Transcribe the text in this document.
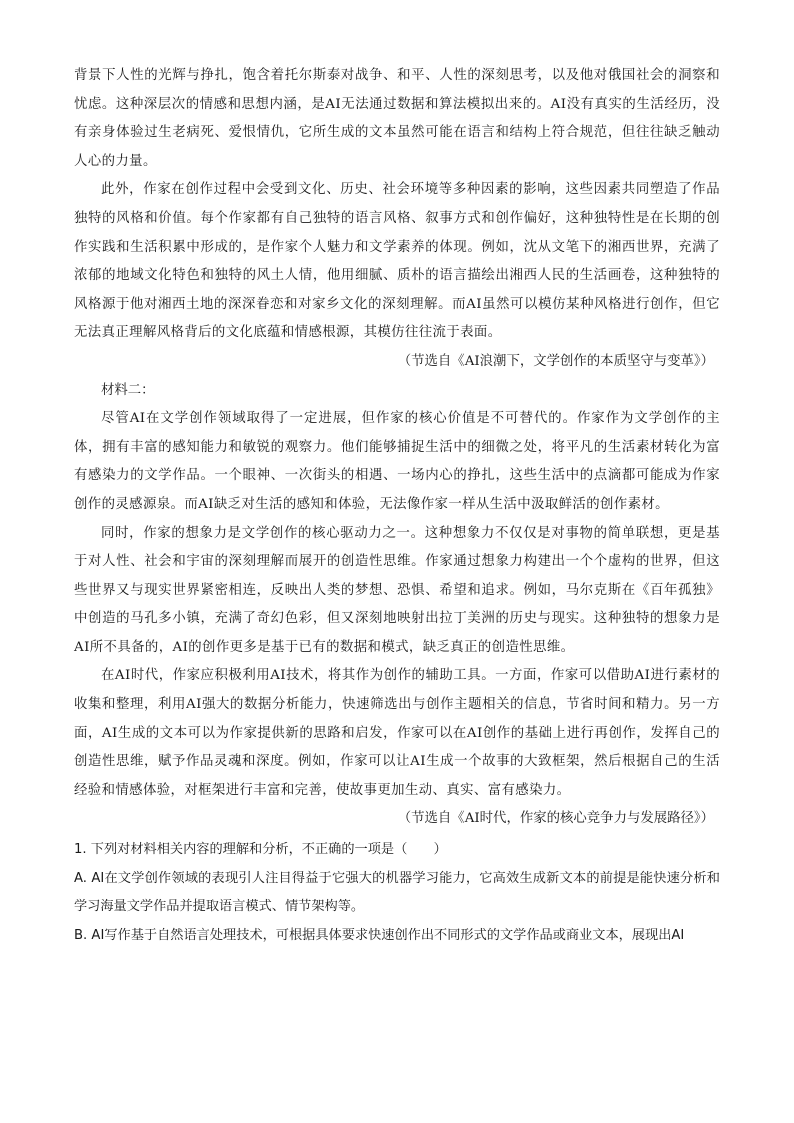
背景下人性的光辉与挣扎，饱含着托尔斯泰对战争、和平、人性的深刻思考，以及他对俄国社会的洞察和忧虑。这种深层次的情感和思想内涵，是AI无法通过数据和算法模拟出来的。AI没有真实的生活经历，没有亲身体验过生老病死、爱恨情仇，它所生成的文本虽然可能在语言和结构上符合规范，但往往缺乏触动人心的力量。

此外，作家在创作过程中会受到文化、历史、社会环境等多种因素的影响，这些因素共同塑造了作品独特的风格和价值。每个作家都有自己独特的语言风格、叙事方式和创作偏好，这种独特性是在长期的创作实践和生活积累中形成的，是作家个人魅力和文学素养的体现。例如，沈从文笔下的湘西世界，充满了浓郁的地域文化特色和独特的风土人情，他用细腻、质朴的语言描绘出湘西人民的生活画卷，这种独特的风格源于他对湘西土地的深深眷恋和对家乡文化的深刻理解。而AI虽然可以模仿某种风格进行创作，但它无法真正理解风格背后的文化底蕴和情感根源，其模仿往往流于表面。

（节选自《AI浪潮下，文学创作的本质坚守与变革》）

材料二：

尽管AI在文学创作领域取得了一定进展，但作家的核心价值是不可替代的。作家作为文学创作的主体，拥有丰富的感知能力和敏锐的观察力。他们能够捕捉生活中的细微之处，将平凡的生活素材转化为富有感染力的文学作品。一个眼神、一次街头的相遇、一场内心的挣扎，这些生活中的点滴都可能成为作家创作的灵感源泉。而AI缺乏对生活的感知和体验，无法像作家一样从生活中汲取鲜活的创作素材。

同时，作家的想象力是文学创作的核心驱动力之一。这种想象力不仅仅是对事物的简单联想，更是基于对人性、社会和宇宙的深刻理解而展开的创造性思维。作家通过想象力构建出一个个虚构的世界，但这些世界又与现实世界紧密相连，反映出人类的梦想、恐惧、希望和追求。例如，马尔克斯在《百年孤独》中创造的马孔多小镇，充满了奇幻色彩，但又深刻地映射出拉丁美洲的历史与现实。这种独特的想象力是AI所不具备的，AI的创作更多是基于已有的数据和模式，缺乏真正的创造性思维。

在AI时代，作家应积极利用AI技术，将其作为创作的辅助工具。一方面，作家可以借助AI进行素材的收集和整理，利用AI强大的数据分析能力，快速筛选出与创作主题相关的信息，节省时间和精力。另一方面，AI生成的文本可以为作家提供新的思路和启发，作家可以在AI创作的基础上进行再创作，发挥自己的创造性思维，赋予作品灵魂和深度。例如，作家可以让AI生成一个故事的大致框架，然后根据自己的生活经验和情感体验，对框架进行丰富和完善，使故事更加生动、真实、富有感染力。

（节选自《AI时代，作家的核心竞争力与发展路径》）

1. 下列对材料相关内容的理解和分析，不正确的一项是（　　）

A. AI在文学创作领域的表现引人注目得益于它强大的机器学习能力，它高效生成新文本的前提是能快速分析和学习海量文学作品并提取语言模式、情节架构等。

B. AI写作基于自然语言处理技术，可根据具体要求快速创作出不同形式的文学作品或商业文本，展现出AI
